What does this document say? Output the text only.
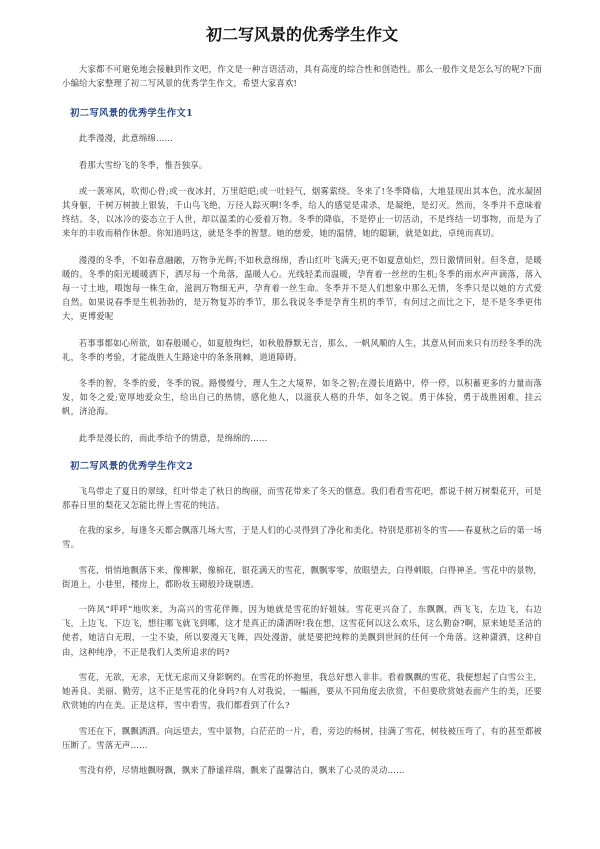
初二写风景的优秀学生作文

大家都不可避免地会接触到作文吧，作文是一种言语活动，具有高度的综合性和创造性。那么一般作文是怎么写的呢?下面小编给大家整理了初二写风景的优秀学生作文，希望大家喜欢!

初二写风景的优秀学生作文1

此季漫漫，此意绵绵……

看那大雪纷飞的冬季，惟吾独享。

或一袭寒风，吹彻心骨;或一夜冰封，万里皑皑;或一吐轻气，烟雾萦绕。冬来了!冬季降临，大地显现出其本色，流水凝固其身躯，千树万树披上银装，千山鸟飞绝，万径人踪灭啊!冬季，给人的感觉是肃杀，是凝绝，是幻灭。然而，冬季并不意味着终结。冬，以冰冷的姿态立于人世，却以温柔的心爱着万物。冬季的降临，不是停止一切活动，不是终结一切事物，而是为了来年的丰收而稍作休憩。你知道吗这，就是冬季的智慧。她的慈爱，她的温情，她的聪颖，就是如此，卓纯而真切。

漫漫的冬季，不如春意融融，万物争光辉;不如秋意绵绵，香山红叶飞满天;更不如夏意灿烂，烈日激情回射。但冬意，是暖暖的。冬季的阳光暖暖洒下，洒尽每一个角落，温暖人心。光线轻柔而温暖，孕育着一丝丝的生机;冬季的雨水声声滴落，落入每一寸土地，喂饱每一株生命，滋润万物细无声，孕育着一丝生命。冬季并不是人们想象中那么无情，冬季只是以她的方式爱自然。如果说春季是生机勃勃的，是万物复苏的季节，那么我说冬季是孕育生机的季节，有何过之而比之下，是不是冬季更伟大，更博爱呢

若事事都如心所欲，如春般暖心，如夏般绚烂，如秋般静默无言，那么，一帆风顺的人生，其意从何而来只有历经冬季的洗礼，冬季的考验，才能战胜人生路途中的条条荆棘，道道障碍。

冬季的智，冬季的爱，冬季的锐。路慢慢兮，理人生之大境界，如冬之智;在漫长道路中，停一停，以积蓄更多的力量而落发，如冬之爱;宽厚地爱众生，给出自己的热情，感化他人，以滋获人格的升华，如冬之锐。勇于体验，勇于战胜困难，挂云帆，济沧海。

此季是漫长的，而此季给予的情意，是绵绵的……

初二写风景的优秀学生作文2

飞鸟带走了夏日的翠绿，红叶带走了秋日的绚丽，而雪花带来了冬天的惬意。我们看看雪花吧，都说千树万树梨花开，可是那春日里的梨花又怎能比得上雪花的纯洁。

在我的家乡，每逢冬天都会飘落几场大雪，于是人们的心灵得到了净化和美化。特别是那初冬的雪——春夏秋之后的第一场雪。

雪花，悄悄地飘落下来，像柳絮，像棉花，银花满天的雪花，飘飘零零，放眼望去，白得刺眼，白得神圣。雪花中的景物，街道上，小巷里，楼房上，都盼妆玉砌般玲珑剔透。

一阵风“呼呼”地吹来，为高兴的雪花伴舞，因为她就是雪花的好姐妹。雪花更兴奋了，东飘飘，西飞飞，左边飞，右边飞，上边飞，下边飞，想往哪飞就飞到哪，这才是真正的潇洒呀!我在想，这雪花何以这么欢乐，这么勤奋?啊，原来她是圣洁的使者，她洁白无瑕，一尘不染，所以要漫天飞舞，四处漫游，就是要把纯粹的美飘到世间的任何一个角落。这种潇洒，这种自由，这种纯净，不正是我们人类所追求的吗?

雪花，无欲，无求，无忧无虑而又身影婀约。在雪花的怀抱里，我总好想入非非。看着飘飘的雪花，我便想起了白雪公主，她善良、美丽、勤劳，这不正是雪花的化身吗?有人对我说，一幅画，要从不同角度去欣赏，不但要欣赏她表面产生的美，还要欣赏她的内在美。正是这样，雪中看雪，我们都看到了什么?

雪还在下，飘飘洒洒。向远望去，雪中景物，白茫茫的一片，看，旁边的杨树，挂满了雪花，树枝被压弯了，有的甚至都被压断了。雪落无声……

雪没有停，尽情地飘呀飘，飘来了静谧祥瑞，飘来了温馨洁白，飘来了心灵的灵动……
